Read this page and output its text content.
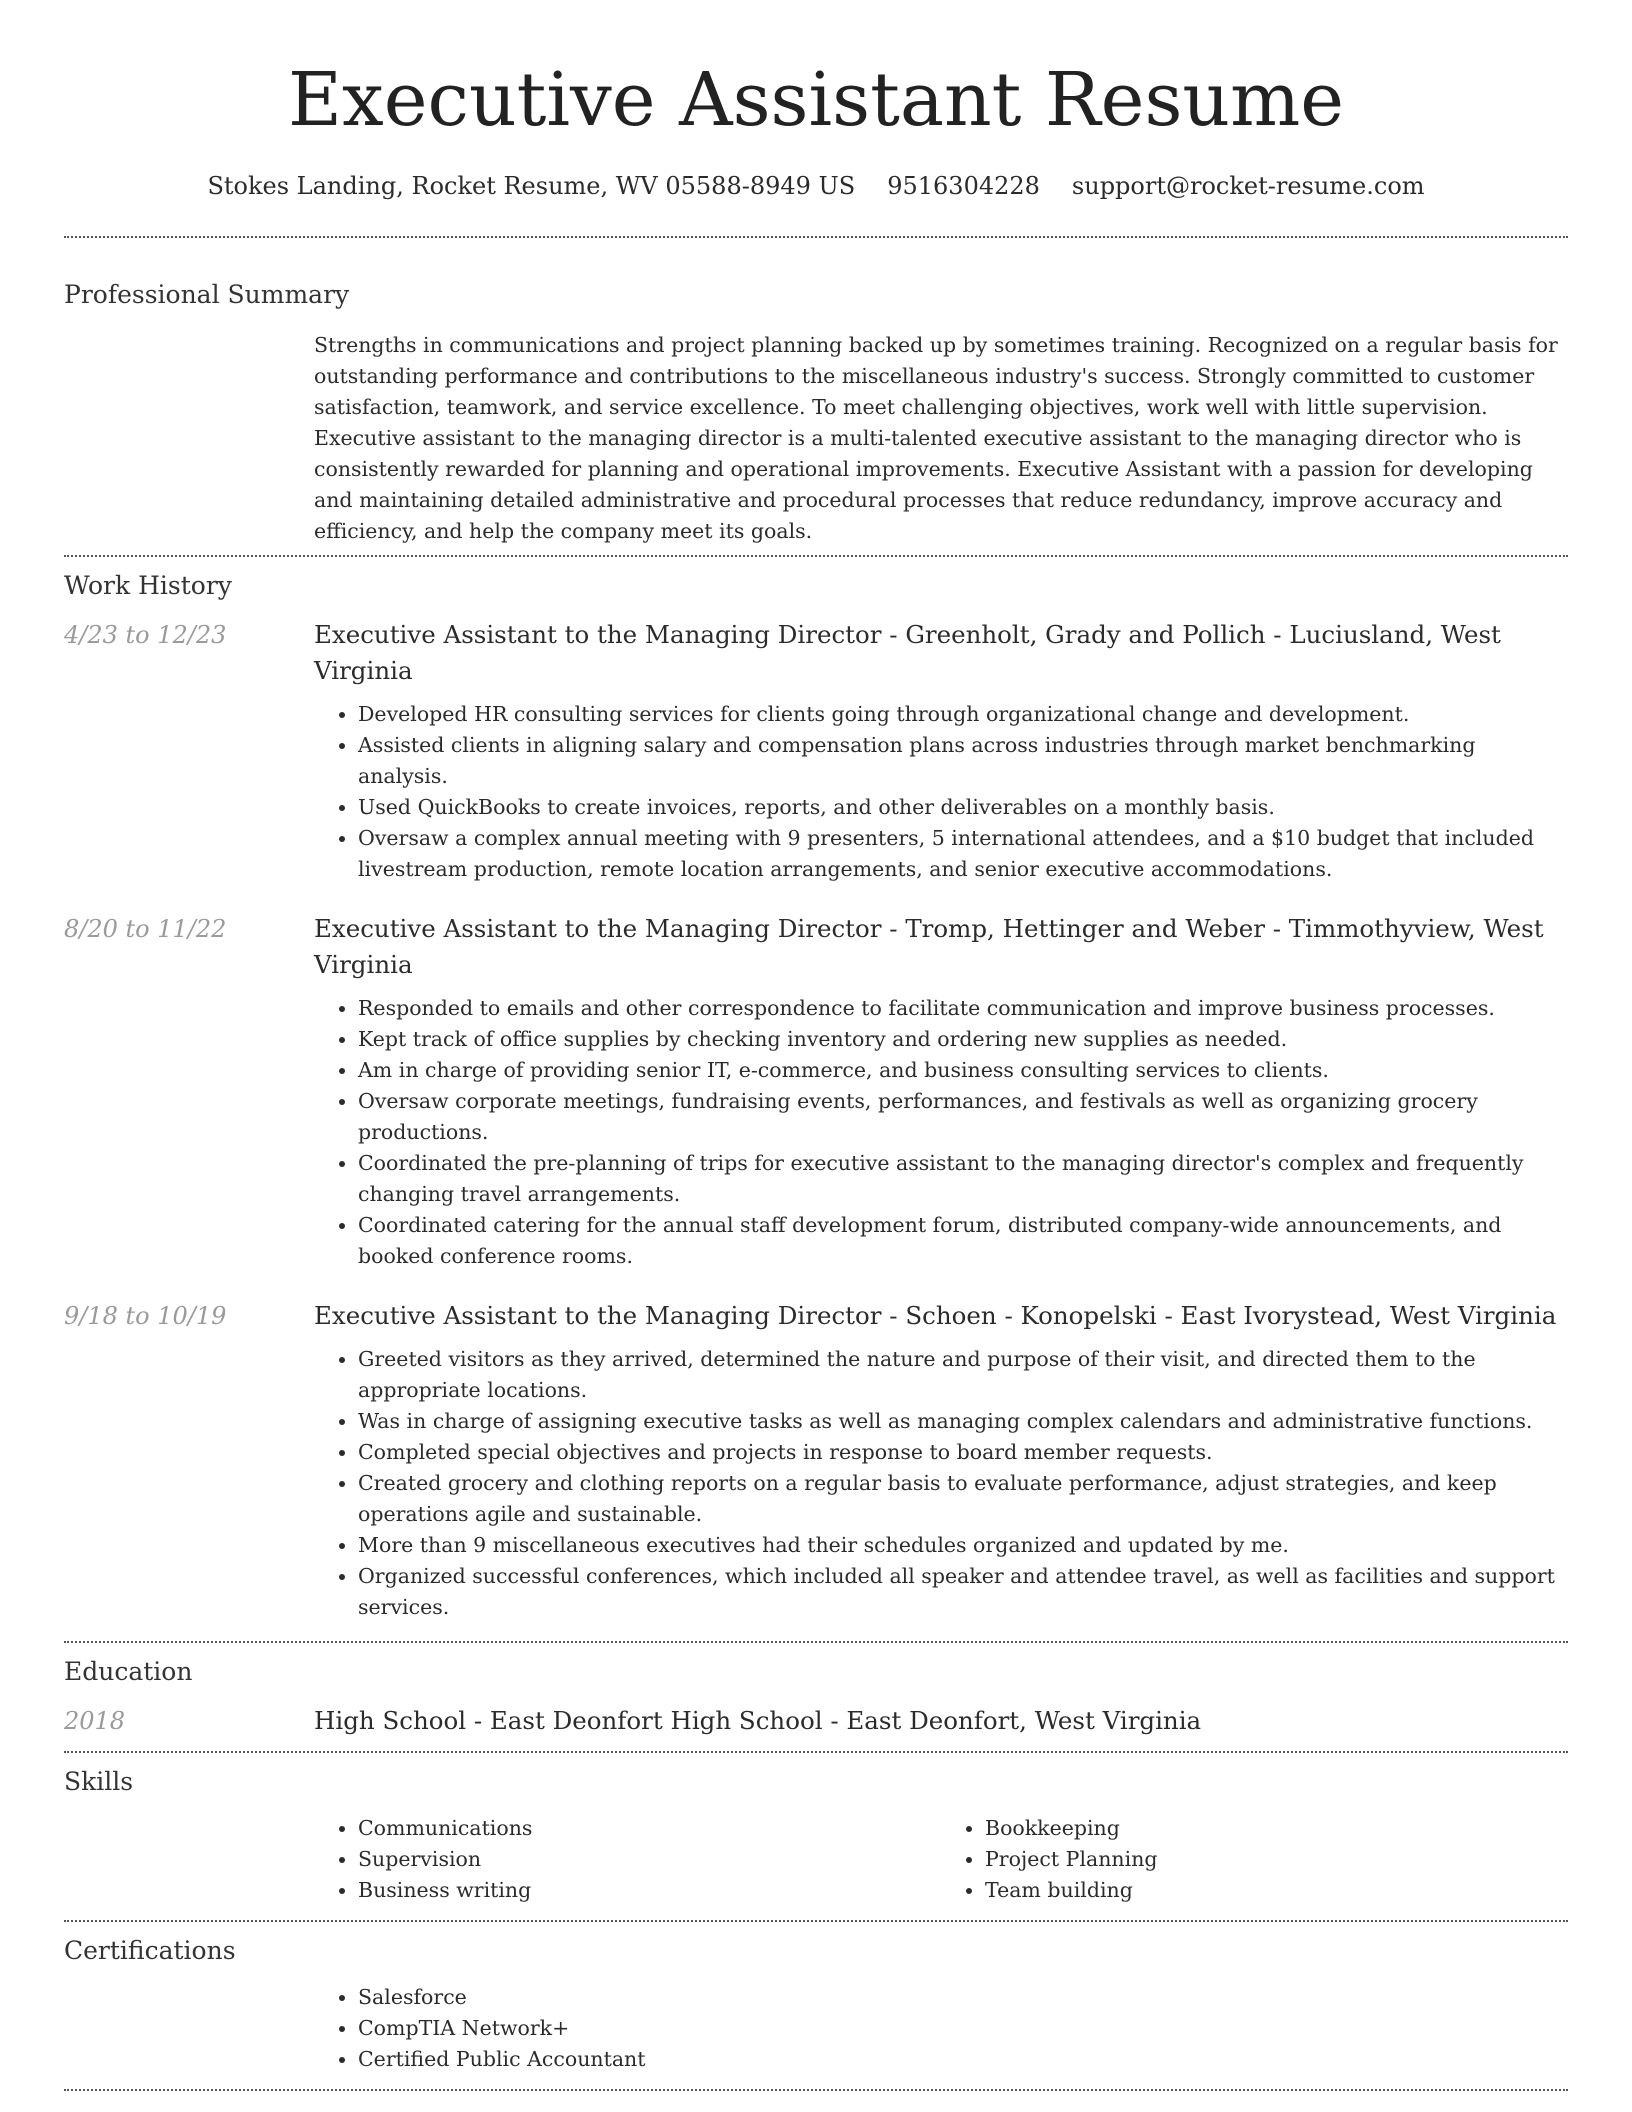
Executive Assistant Resume
Stokes Landing, Rocket Resume, WV 05588-8949 US 9516304228 support@rocket-resume.com
Professional Summary

Strengths in communications and project planning backed up by sometimes training. Recognized on a regular basis for outstanding performance and contributions to the miscellaneous industry's success. Strongly committed to customer satisfaction, teamwork, and service excellence. To meet challenging objectives, work well with little supervision. Executive assistant to the managing director is a multi-talented executive assistant to the managing director who is consistently rewarded for planning and operational improvements. Executive Assistant with a passion for developing and maintaining detailed administrative and procedural processes that reduce redundancy, improve accuracy and efficiency, and help the company meet its goals.

Work History
4/23 to 12/23	Executive Assistant to the Managing Director - Greenholt, Grady and Pollich - Luciusland, West Virginia
• Developed HR consulting services for clients going through organizational change and development.
• Assisted clients in aligning salary and compensation plans across industries through market benchmarking analysis.
• Used QuickBooks to create invoices, reports, and other deliverables on a monthly basis.
• Oversaw a complex annual meeting with 9 presenters, 5 international attendees, and a $10 budget that included livestream production, remote location arrangements, and senior executive accommodations.
8/20 to 11/22	Executive Assistant to the Managing Director - Tromp, Hettinger and Weber - Timmothyview, West Virginia
• Responded to emails and other correspondence to facilitate communication and improve business processes.
• Kept track of office supplies by checking inventory and ordering new supplies as needed.
• Am in charge of providing senior IT, e-commerce, and business consulting services to clients.
• Oversaw corporate meetings, fundraising events, performances, and festivals as well as organizing grocery productions.
• Coordinated the pre-planning of trips for executive assistant to the managing director's complex and frequently changing travel arrangements.
• Coordinated catering for the annual staff development forum, distributed company-wide announcements, and booked conference rooms.
9/18 to 10/19	Executive Assistant to the Managing Director - Schoen - Konopelski - East Ivorystead, West Virginia
• Greeted visitors as they arrived, determined the nature and purpose of their visit, and directed them to the appropriate locations.
• Was in charge of assigning executive tasks as well as managing complex calendars and administrative functions.
• Completed special objectives and projects in response to board member requests.
• Created grocery and clothing reports on a regular basis to evaluate performance, adjust strategies, and keep operations agile and sustainable.
• More than 9 miscellaneous executives had their schedules organized and updated by me.
• Organized successful conferences, which included all speaker and attendee travel, as well as facilities and support services.
Education
2018	High School - East Deonfort High School - East Deonfort, West Virginia
Skills
• Communications
• Supervision
• Business writing
• Bookkeeping
• Project Planning
• Team building
Certifications
• Salesforce
• CompTIA Network+
• Certified Public Accountant
